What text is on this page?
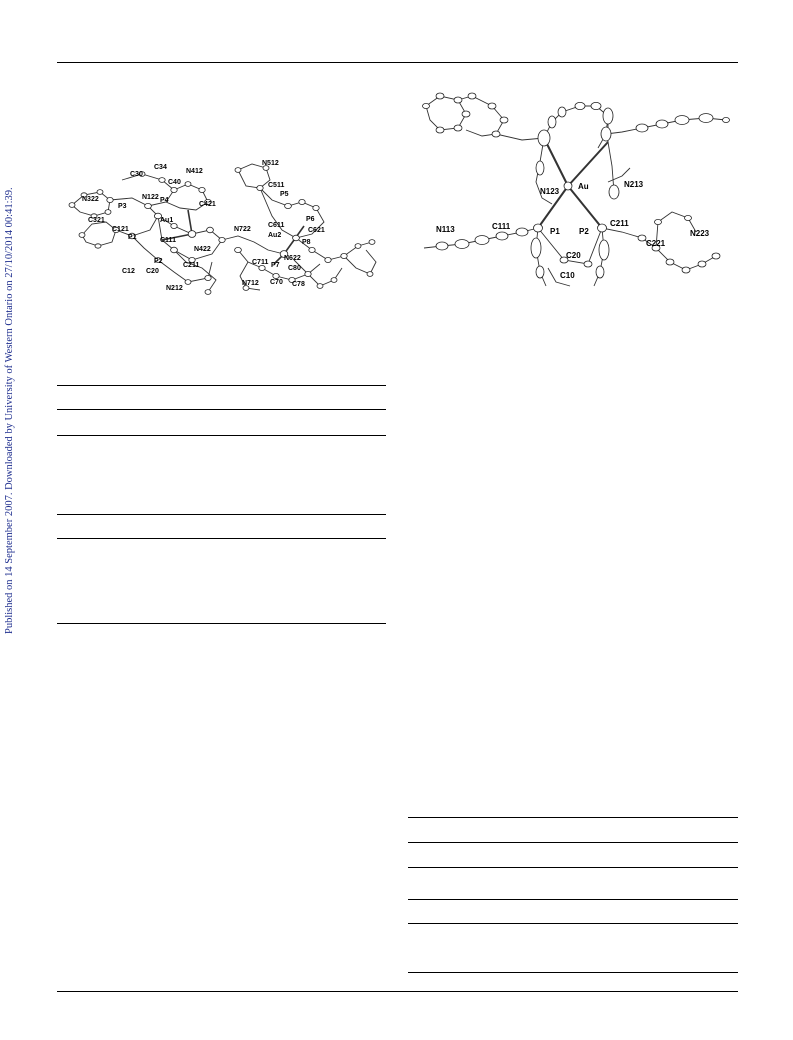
Published on 14 September 2007. Downloaded by University of Western Ontario on 27/10/2014 00:41:39.
C34
C30
C40
N412
N512
N122
N322
P3
P4
C421
C511
P5
C321
C121
Au1
N722
C611
P6
P1	C111
N422
Au2
C621
P8
P2
C211	P7
N622
C12 C20
C711
C80
N212
N712 C70 C78
N123
Au	N213
N113	C111
P1 P2
C211
C221
N223
C20
C10
